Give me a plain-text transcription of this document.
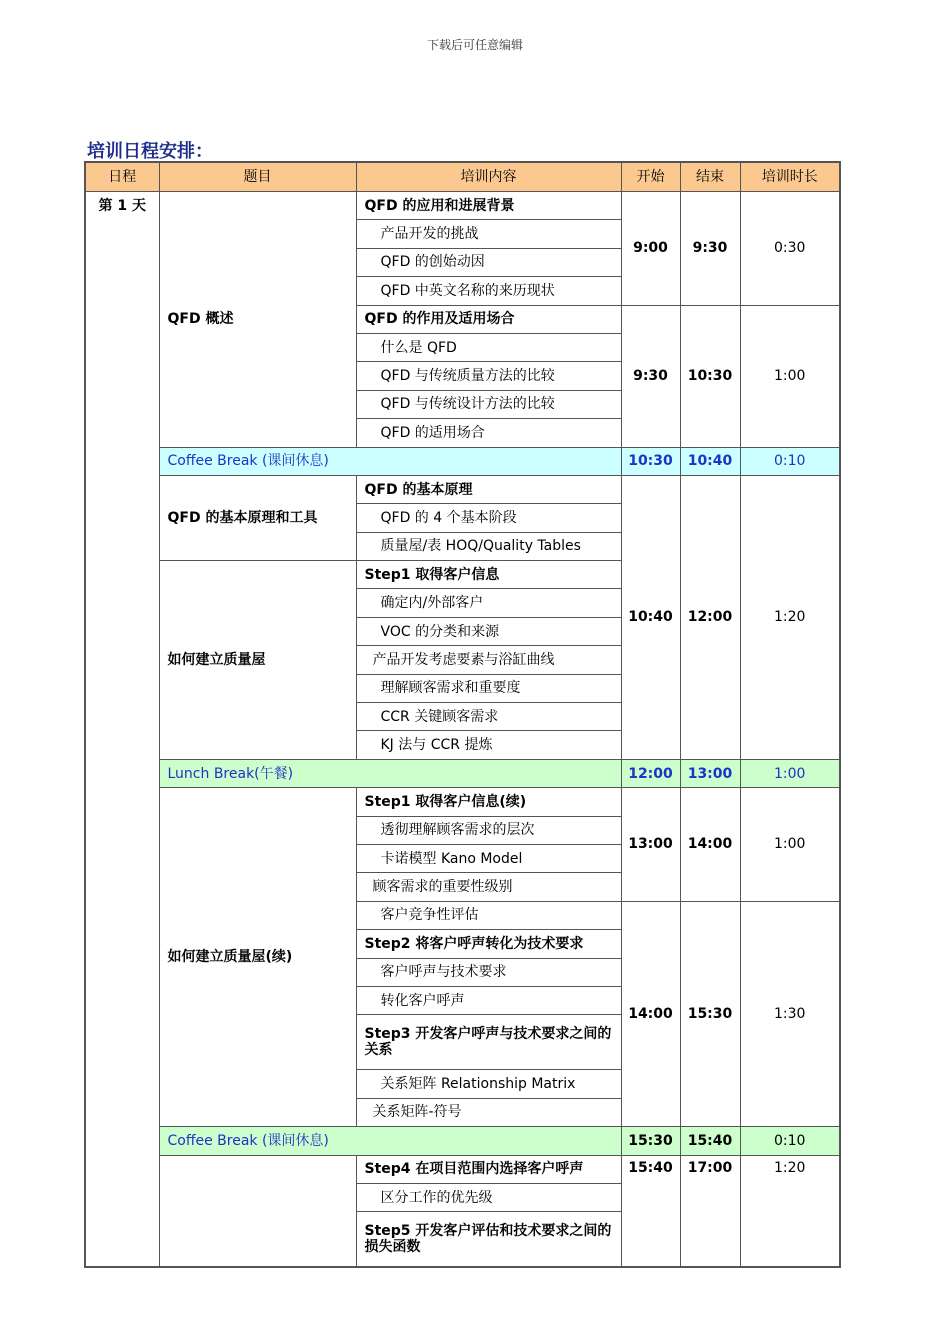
下载后可任意编辑
培训日程安排：
日程	题目	培训内容	开始	结束	培训时长
第 1 天	QFD 概述	QFD 的应用和进展背景	9:00	9:30	0:30
		产品开发的挑战			
		QFD 的创始动因			
		QFD 中英文名称的来历现状			
		QFD 的作用及适用场合	9:30	10:30	1:00
		什么是 QFD			
		QFD 与传统质量方法的比较			
		QFD 与传统设计方法的比较			
		QFD 的适用场合			
	Coffee Break (课间休息)		10:30	10:40	0:10
	QFD 的基本原理和工具	QFD 的基本原理	10:40	12:00	1:20
		QFD 的 4 个基本阶段			
		质量屋/表 HOQ/Quality Tables			
	如何建立质量屋	Step1 取得客户信息			
		确定内/外部客户			
		VOC 的分类和来源			
		产品开发考虑要素与浴缸曲线			
		理解顾客需求和重要度			
		CCR 关键顾客需求			
		KJ 法与 CCR 提炼			
	Lunch Break(午餐)		12:00	13:00	1:00
	如何建立质量屋(续)	Step1 取得客户信息(续)	13:00	14:00	1:00
		透彻理解顾客需求的层次			
		卡诺模型 Kano Model			
		顾客需求的重要性级别			
		客户竞争性评估	14:00	15:30	1:30
		Step2 将客户呼声转化为技术要求			
		客户呼声与技术要求			
		转化客户呼声			
		Step3 开发客户呼声与技术要求之间的关系			
		关系矩阵 Relationship Matrix			
		关系矩阵-符号			
	Coffee Break (课间休息)		15:30	15:40	0:10
		Step4 在项目范围内选择客户呼声	15:40	17:00	1:20
		区分工作的优先级			
		Step5 开发客户评估和技术要求之间的损失函数			
